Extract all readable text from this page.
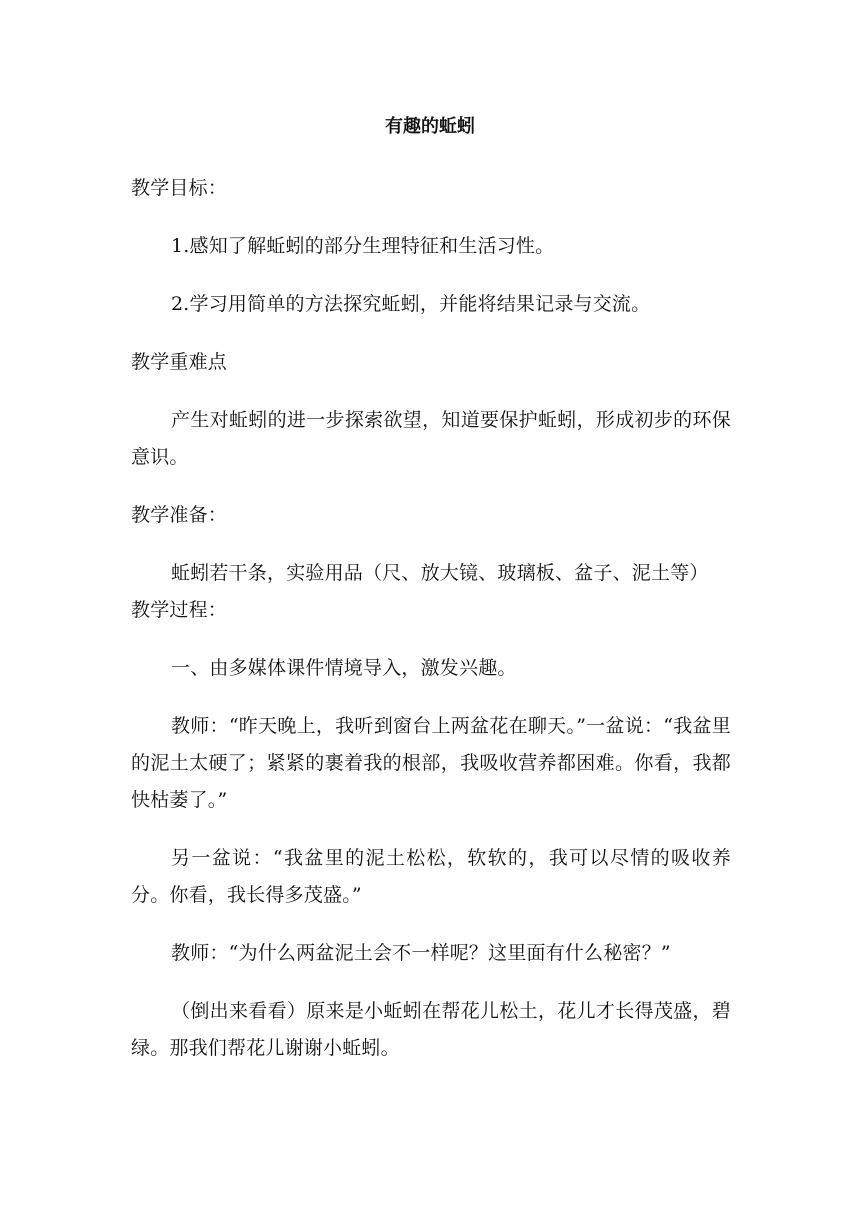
有趣的蚯蚓

教学目标：

1.感知了解蚯蚓的部分生理特征和生活习性。

2.学习用简单的方法探究蚯蚓，并能将结果记录与交流。

教学重难点

产生对蚯蚓的进一步探索欲望，知道要保护蚯蚓，形成初步的环保意识。

教学准备：

蚯蚓若干条，实验用品（尺、放大镜、玻璃板、盆子、泥土等）

教学过程：

一、由多媒体课件情境导入，激发兴趣。

教师：“昨天晚上，我听到窗台上两盆花在聊天。”一盆说：“我盆里的泥土太硬了；紧紧的裹着我的根部，我吸收营养都困难。你看，我都快枯萎了。”

另一盆说：“我盆里的泥土松松，软软的，我可以尽情的吸收养分。你看，我长得多茂盛。”

教师：“为什么两盆泥土会不一样呢？这里面有什么秘密？”

（倒出来看看）原来是小蚯蚓在帮花儿松土，花儿才长得茂盛，碧绿。那我们帮花儿谢谢小蚯蚓。
